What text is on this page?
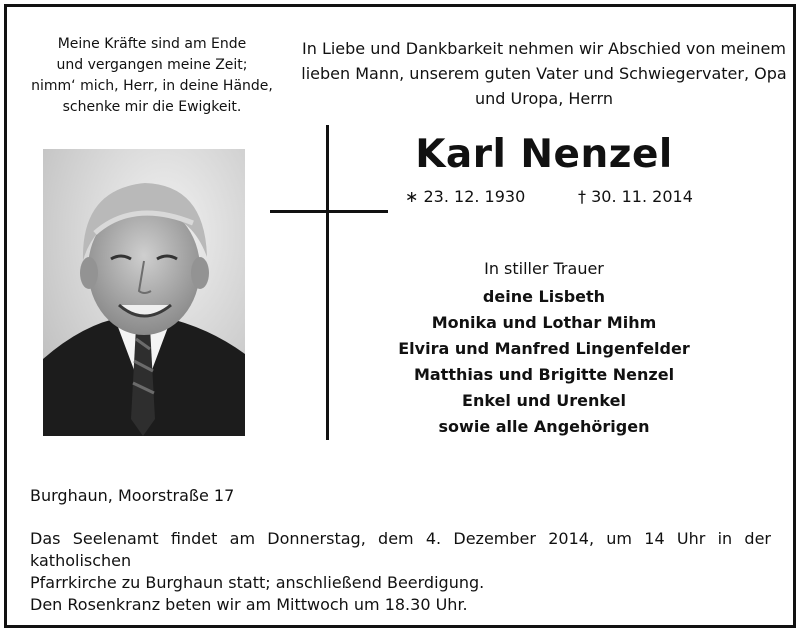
Meine Kräfte sind am Ende
und vergangen meine Zeit;
nimm‘ mich, Herr, in deine Hände,
schenke mir die Ewigkeit.
In Liebe und Dankbarkeit nehmen wir Abschied von meinem
lieben Mann, unserem guten Vater und Schwiegervater, Opa
und Uropa, Herrn
Karl Nenzel
∗ 23. 12. 1930	† 30. 11. 2014
In stiller Trauer
deine Lisbeth
Monika und Lothar Mihm
Elvira und Manfred Lingenfelder
Matthias und Brigitte Nenzel
Enkel und Urenkel
sowie alle Angehörigen
Burghaun, Moorstraße 17
Das Seelenamt findet am Donnerstag, dem 4. Dezember 2014, um 14 Uhr in der katholischen
Pfarrkirche zu Burghaun statt; anschließend Beerdigung.
Den Rosenkranz beten wir am Mittwoch um 18.30 Uhr.
